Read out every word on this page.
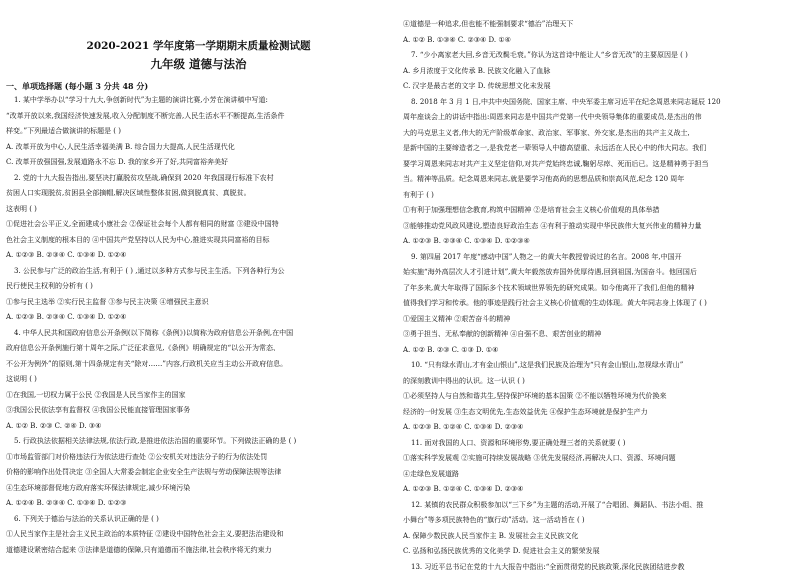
2020-2021 学年度第一学期期末质量检测试题
九年级 道德与法治
一、单项选择题 (每小题 3 分共 48 分)
1. 某中学举办以“学习十九大,争创新时代”为主题的演讲比赛,小芳在演讲稿中写道:
“改革开放以来,我国经济快速发展,收入分配制度不断完善,人民生活水平不断提高,生活条件
样变。”下列最适合做演讲的标题是 ( )
A. 改革开放为中心,人民生活幸福美满 B. 综合国力大提高,人民生活现代化
C. 改革开放强国强,发展道路永不忘 D. 我的家乡开了好,共同富裕奔美好
2. 党的十九大报告指出,要坚决打赢脱贫攻坚战,确保到 2020 年我国现行标准下农村
贫困人口实现脱贫,贫困县全部摘帽,解决区域性整体贫困,做到脱真贫、真脱贫。
这表明 ( )
①促进社会公平正义,全面建成小康社会 ②保证社会每个人都有相同的财富 ③建设中国特
色社会主义制度的根本目的 ④中国共产党坚持以人民为中心,推进实现共同富裕的目标
A. ①②③ B. ②③④ C. ①③④ D. ①②④
3. 公民参与广泛的政治生活,有利于 ( ) ,通过以多种方式参与民主生活。下列各种行为公
民行使民主权利的分析有 ( )
①参与民主选举 ②实行民主监督 ③参与民主决策 ④增强民主意识
A. ①②③ B. ②③④ C. ①③④ D. ①②④
4. 中华人民共和国政府信息公开条例(以下简称《条例》)以简称为政府信息公开条例,在中国
政府信息公开条例施行第十周年之际,广泛征求意见,《条例》明确规定的“以公开为常态、
不公开为例外”的原则,第十四条规定有关“除对……”内容,行政机关应当主动公开政府信息。
这说明 ( )
①在我国,一切权力属于公民 ②我国是人民当家作主的国家
③我国公民依法享有监督权 ④我国公民能直接管理国家事务
A. ①② B. ②③ C. ②④ D. ③④
5. 行政执法依据相关法律法规,依法行政,是推进依法治国的重要环节。下列做法正确的是 ( )
①市场监管部门对价格违法行为依法进行查处 ②公安机关对违法分子的行为依法处罚
价格的影响作出处罚决定 ③全国人大常委会制定企业安全生产法规与劳动保障法规等法律
④生态环境部督促地方政府落实环保法律规定,减少环境污染
A. ①②④ B. ②③④ C. ①③④ D. ①②③
6. 下列关于德治与法治的关系认识正确的是 ( )
①人民当家作主是社会主义民主政治的本质特征 ②建设中国特色社会主义,要把法治建设和
道德建设紧密结合起来 ③法律是道德的保障,只有道德而不施法律,社会秩序将无约束力
④道德是一种追求,但也能不能强制要求“德治”治理天下
A. ①② B. ①③④ C. ②③④ D. ①④
7. “少小离家老大回,乡音无改鬓毛衰。”你认为这首诗中能让人“乡音无改”的主要原因是 ( )
A. 乡月浓度于文化传承 B. 民族文化融入了血脉
C. 汉字是最古老的文字 D. 传统思想文化未发展
8. 2018 年 3 月 1 日,中共中央国务院、国家主席、中央军委主席习近平在纪念周恩来同志诞辰 120
周年座谈会上的讲话中指出:周恩来同志是中国共产党第一代中央领导集体的重要成员,是杰出的伟
大的马克思主义者,伟大的无产阶级革命家、政治家、军事家、外交家,是杰出的共产主义战士,
是新中国的主要缔造者之一,是我党老一辈领导人中德高望重、永远活在人民心中的伟大同志。我们
要学习周恩来同志对共产主义坚定信仰,对共产党始终忠诚,鞠躬尽瘁、死而后已。这是精神勇于担当
当。精神等品质。纪念周恩来同志,就是要学习他高尚的思想品质和崇高风范,纪念 120 周年
有利于 ( )
①有利于加强理想信念教育,构筑中国精神 ②是培育社会主义核心价值观的具体举措
③能够推动党风政风建设,塑造良好政治生态 ④有利于推动实现中华民族伟大复兴伟业的精神力量
A. ①②③ B. ②③④ C. ①③④ D. ①②③④
9. 第四届 2017 年度“感动中国”人物之一的黄大年教授曾说过的名言。2008 年,中国开
始实施“海外高层次人才引进计划”,黄大年毅然放弃国外优厚待遇,回到祖国,为国奋斗。他回国后
了年多来,黄大年取得了国际多个技术领域世界领先的研究成果。如今他离开了我们,但他的精神
值得我们学习和传承。他的事迹是践行社会主义核心价值观的生动体现。黄大年同志身上体现了 ( )
①爱国主义精神 ②艰苦奋斗的精神
③勇于担当、无私奉献的创新精神 ④自强不息、艰苦创业的精神
A. ①② B. ②③ C. ①③ D. ①④
10. “只有绿水青山,才有金山银山”,这是我们民族及治理为“只有金山银山,忽视绿水青山”
的深刻教训中得出的认识。这一认识 ( )
①必须坚持人与自然和谐共生,坚持保护环境的基本国策 ②不能以牺牲环境为代价换来
经济的一时发展 ③生态文明优先,生态效益优先 ④保护生态环境就是保护生产力
A. ①②③ B. ①②④ C. ①③④ D. ②③④
11. 面对我国的人口、资源和环境形势,要正确处理三者的关系就要 ( )
①落实科学发展观 ②实施可持续发展战略 ③优先发展经济,再解决人口、资源、环境问题
④走绿色发展道路
A. ①②③ B. ①②④ C. ①③④ D. ②③④
12. 某镇的农民群众积极参加以“三下乡”为主题的活动,开展了“合唱团、舞蹈队、书法小组、推
小舞台”等多项民族特色的“旗行动”活动。这一活动旨在 ( )
A. 保障少数民族人民当家作主 B. 发展社会主义民族文化
C. 弘扬和弘扬民族优秀的文化美学 D. 促进社会主义的繁荣发展
13. 习近平总书记在党的十九大报告中指出:“全面贯彻党的民族政策,深化民族团结进步教
